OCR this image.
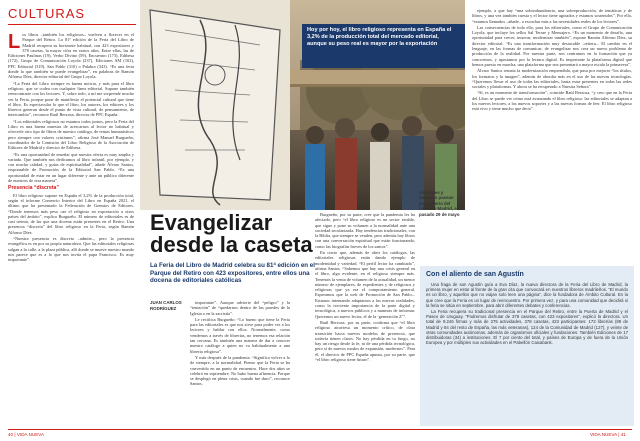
CULTURAS

Los libros –también los religiosos– vuelven a florecer en el Parque del Retiro. La 81ª edición de la Feria del Libro de Madrid recupera su horizonte habitual, con 423 expositores y 378 casetas, la mayor cifra en varios años. Entre ellas, las de Ediciones Paulinas (19), Verbo Divino (59), Encuentro (173), Edibesa (172), Grupo de Comunicación Loyola (237), Ediciones SM (102), PPC Editorial (319), San Pablo (310) o Palabra (343). “Es una feria donde la que también se puede evangelizar”, en palabras de Ramón Alfonso Díez, director editorial del Grupo Loyola.

“La Feria del Libro siempre es buena noticia, y más para el libro religioso, que se codea con cualquier línea editorial. Supone también reencontrarte con los lectores. Y, sobre todo, a mí me sorprende mucho ver la Feria, porque pone de manifiesto el potencial cultural que tiene el libro. Es espectacular lo que el libro, los autores, los editores y los libreros generan desde el punto de vista cultural, de pensamiento, de intercambio”, reconoce Raúl Berzosa, director de PPC España.

“Los editoriales religiosos no estamos todos juntos, pero la Feria del Libro es una buena muestra de acercarnos al lector no habitual y ofrecerle otro tipo de libros de nuestro catálogo, de temas humanísticos pero siempre con valores cristianos”, afirma José Manuel Burgueño, coordinador de la Comisión del Libro Religioso de la Asociación de Editores de Madrid y director de Edibesa.

“Es una oportunidad de enseñar que nuestra oferta es muy amplia y variada. Que también nos dedicamos al libro infantil, por ejemplo, y con mucha calidad, y guías de espiritualidad”, añade Álvaro Santos, responsable de Promoción de la Editorial San Pablo. “Es una oportunidad de estar en un lugar diferente y ante un público diferente de nuestros de otra manera”.

Presencia “discreta”

El libro religioso supone en España el 3,2% de la producción total, según el informe Comercio Interior del Libro en España 2021, el último que ha presentado la Federación de Gremios de Editores. “Donde tenemos más peso cae el religioso en exportación a otros países del ámbito”, explica Burgueño. El número de editoriales es de casi treinta, de las que una docena están presentes en el Retiro. Una presencia “discreta” del libro religioso en la Feria, según Ramón Alfonso Díez.

“Nuestra presencia es discreta –admite–, pero la presencia evangélica es en por su propia naturaleza. Que las editoriales religiosas salgan a la calle, a la plaza pública, allí donde se mueve nuestro mundo nos parece que es a lo que nos invita el papa Francisco. Es muy importante”.

Hoy por hoy, el libro religioso representa en España el 3,2% de la producción total del mercado editorial, aunque su peso real es mayor por la exportación
Evangelizar
desde la caseta
La Feria del Libro de Madrid celebra su 81ª edición en el Parque del Retiro con 423 expositores, entre ellos una docena de editoriales católicas
JUAN CARLOS
RODRÍGUEZ

importante”. Aunque advierte del “peligro” y la “tentación” de “quedarnos dentro de las paredes de la Iglesia o en la sacristía”.

Le rectifica Burgueño: “Lo bueno que tiene la Feria para las editoriales es que nos sirve para poder ver a los lectores y hablar con ellos. Normalmente, como vendemos a través de librerías, no tenemos esa relación tan cercana. Es también una manera de dar a conocer nuestro catálogo a quien no va habitualmente a una librería religiosa”.

Y más después de la pandemia. “Significa volver a lo de siempre, a la normalidad. Pienso que la Feria se ha convertido en un punto de encuentro. Hace dos años se celebró en septiembre. No hubo buena afluencia. Porque se desplegó en plena crisis, cuando fue duro”, reconoce Santos.

Burgueño, por su parte, cree que la pandemia les ha afectado, pero “el libro religioso es un sector estable, que sigue y pone su volumen a la normalidad ante una sociedad secularizada. Hay tendencias tradicionales, con la Biblia, que siempre se venden, pero además hay libros con una conversación espiritual que están funcionando, como las biografías breves de los santos”.

En cierto que, además de abrir los catálogos, las editoriales religiosas están dando ejemplo de modernidad y variedad. “El perfil lector ha cambiado”, afirma Santos. “Sabemos que hay una crisis general en el libro, algo evidente, en el religioso siempre más. Tenemos la venta de volumen de la actualidad, un menor número de ejemplares, de expedientes y de religiosos y religiosas que ya era el comportamiento general. Esperamos que la web de Promoción de San Pablo–. Estamos intentando adaptarnos a las nuevas realidades, como la creciente importancia de la parte digital y tecnológica, a nuevos públicos y a maneras de informar. Queremos un nuevo lector, el de la ‘generación Z’”.

Raúl Berzosa, por su parte, confirma que “el libro religioso atraviesa un momento crítico, de clara transición hacia nuevos modelos de presencia, que todavía tienen claros. No hay pérdida en tu fuego, no hay un riesgo desde la fe, ni de una pérdida tecnológica, pero sí de nuevos modos de expansión, modernos”. Para él, el director de PPC España apunta, por su parte, que “el libro religioso tiene futuro”.

Visitantes y curiosos pasean por la Feria del Libro de Madrid, el pasado 29 de mayo

ejemplo, a que hay “una sobreabundancia, una sobreproducción, de temáticas y de libros, y una vez también cuesta y el lector tiene agotados y estamos sostenidos”. Por ello, “estamos llamados –añade– a escuchar más a las necesidades reales de los lectores”.

Las consecuencias de todo ello, para los editoriales, como el Grupo de Comunicación Loyola, que incluye los sellos Sal Terrae y Mensajero. “Es un momento de desafío, una oportunidad para crecer, innovar, modernizar también”, expone Ramón Alfonso Díez, su director editorial. “Es una transformación muy destacable –reitera–. El cambio en el lenguaje, en las formas de comunicar, de evangelizar nos crea un nuevo problema de producción de la realidad. Por nuestra parte, nos centramos en la formación que ya conocemos, y apostamos por la lectura digital. Es importante la plataforma digital que hemos puesto en marcha, una plataforma que nos presentará a mayor escala la primavera”.

Álvaro Santos remata la modernización emprendida, que pasa por mejorar “los títulos, los formatos y la imagen”, además de abordar más en el uso de las nuevas tecnologías. “Queremos llevar el uso de todas las editoriales, hasta estar presentes en todas las redes sociales y plataformas. Y ahora se ha recuperado a Nuestra Señora”.

“Sí, es un momento de transformación”, coincide Raúl Berzosa, “y creo que en la Feria del Libro se puede ver cómo está avanzando el libro religioso: las editoriales se adaptan a los nuevos lectores, a los nuevos soportes y a las nuevas formas de leer. El libro religioso está vivo y tiene mucho que decir”.

Con el aliento de san Agustín

Una fraga de san Agustín guía a Eva Díaz, la nueva directora de la Feria del Libro de Madrid, la primera mujer en estar al frente de la gran cita que convocará en nuestros libreros madrileños. “El mundo es un libro, y aquellos que no viajan solo leen una página”, dice la fundadora de Ámbito Cultural. En la que cree que la Feria es un lugar de reencuentro. Por primera vez, y para una comunidad que decidirá si la feria se sitúa en septiembre, para abrir diferentes debates y conferencias.

La Feria recupera su tradicional presencia en el Parque del Retiro, entre la Puerta de Madrid y el Paseo de Uruguay. “Podremos disfrutar de 378 casetas, con 423 expositores”, explicó la directora. Un total de 9.246 firmas y más de 275 actividades, 378 casetas, 423 participantes: 173 librerías (89 de Madrid y 84 del resto de España, las más veteranas), 124 de la Comunidad de Madrid (127), y veinte de otras comunidades autónomas, además de organismos oficiales y fundaciones. También Ediciones de 17 distribuidoras (34) a instituciones. El 7 por ciento del total, y países de Europa y de fuera de la Unión Europea y por múltiples sus actividades en el Pabellón Caixabank.

40 | VIDA NUEVA	VIDA NUEVA | 41
